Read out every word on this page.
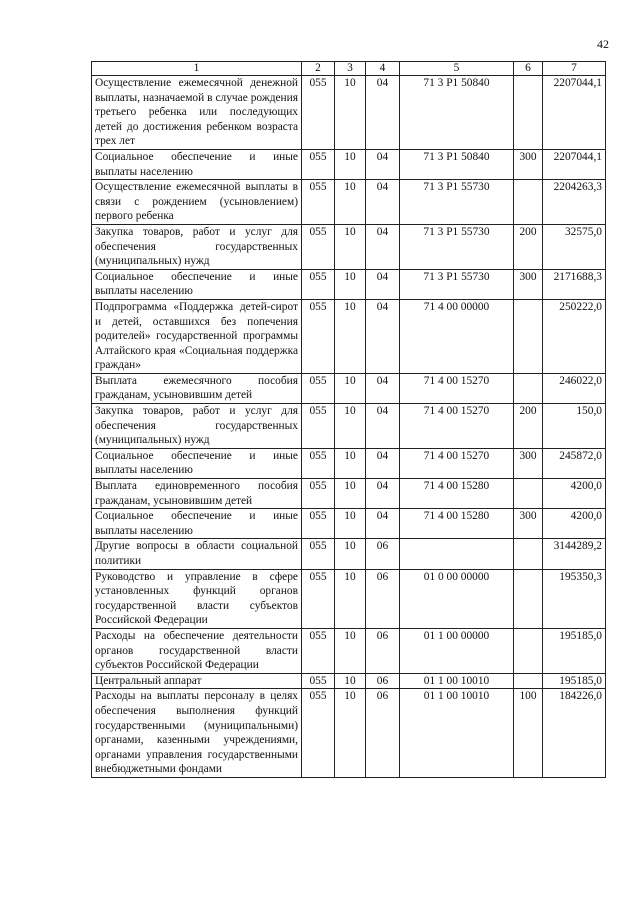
42
1	2	3	4	5	6	7
Осуществление ежемесячной денежной выплаты, назначаемой в случае рождения третьего ребенка или последующих детей до достижения ребенком возраста трех лет	055	10	04	71 3 P1 50840		2207044,1
Социальное обеспечение и иные выплаты населению	055	10	04	71 3 P1 50840	300	2207044,1
Осуществление ежемесячной выплаты в связи с рождением (усыновлением) первого ребенка	055	10	04	71 3 P1 55730		2204263,3
Закупка товаров, работ и услуг для обеспечения государственных (муниципальных) нужд	055	10	04	71 3 P1 55730	200	32575,0
Социальное обеспечение и иные выплаты населению	055	10	04	71 3 P1 55730	300	2171688,3
Подпрограмма «Поддержка детей-сирот и детей, оставшихся без попечения родителей» государственной программы Алтайского края «Социальная поддержка граждан»	055	10	04	71 4 00 00000		250222,0
Выплата ежемесячного пособия гражданам, усыновившим детей	055	10	04	71 4 00 15270		246022,0
Закупка товаров, работ и услуг для обеспечения государственных (муниципальных) нужд	055	10	04	71 4 00 15270	200	150,0
Социальное обеспечение и иные выплаты населению	055	10	04	71 4 00 15270	300	245872,0
Выплата единовременного пособия гражданам, усыновившим детей	055	10	04	71 4 00 15280		4200,0
Социальное обеспечение и иные выплаты населению	055	10	04	71 4 00 15280	300	4200,0
Другие вопросы в области социальной политики	055	10	06			3144289,2
Руководство и управление в сфере установленных функций органов государственной власти субъектов Российской Федерации	055	10	06	01 0 00 00000		195350,3
Расходы на обеспечение деятельности органов государственной власти субъектов Российской Федерации	055	10	06	01 1 00 00000		195185,0
Центральный аппарат	055	10	06	01 1 00 10010		195185,0
Расходы на выплаты персоналу в целях обеспечения выполнения функций государственными (муниципальными) органами, казенными учреждениями, органами управления государственными внебюджетными фондами	055	10	06	01 1 00 10010	100	184226,0
